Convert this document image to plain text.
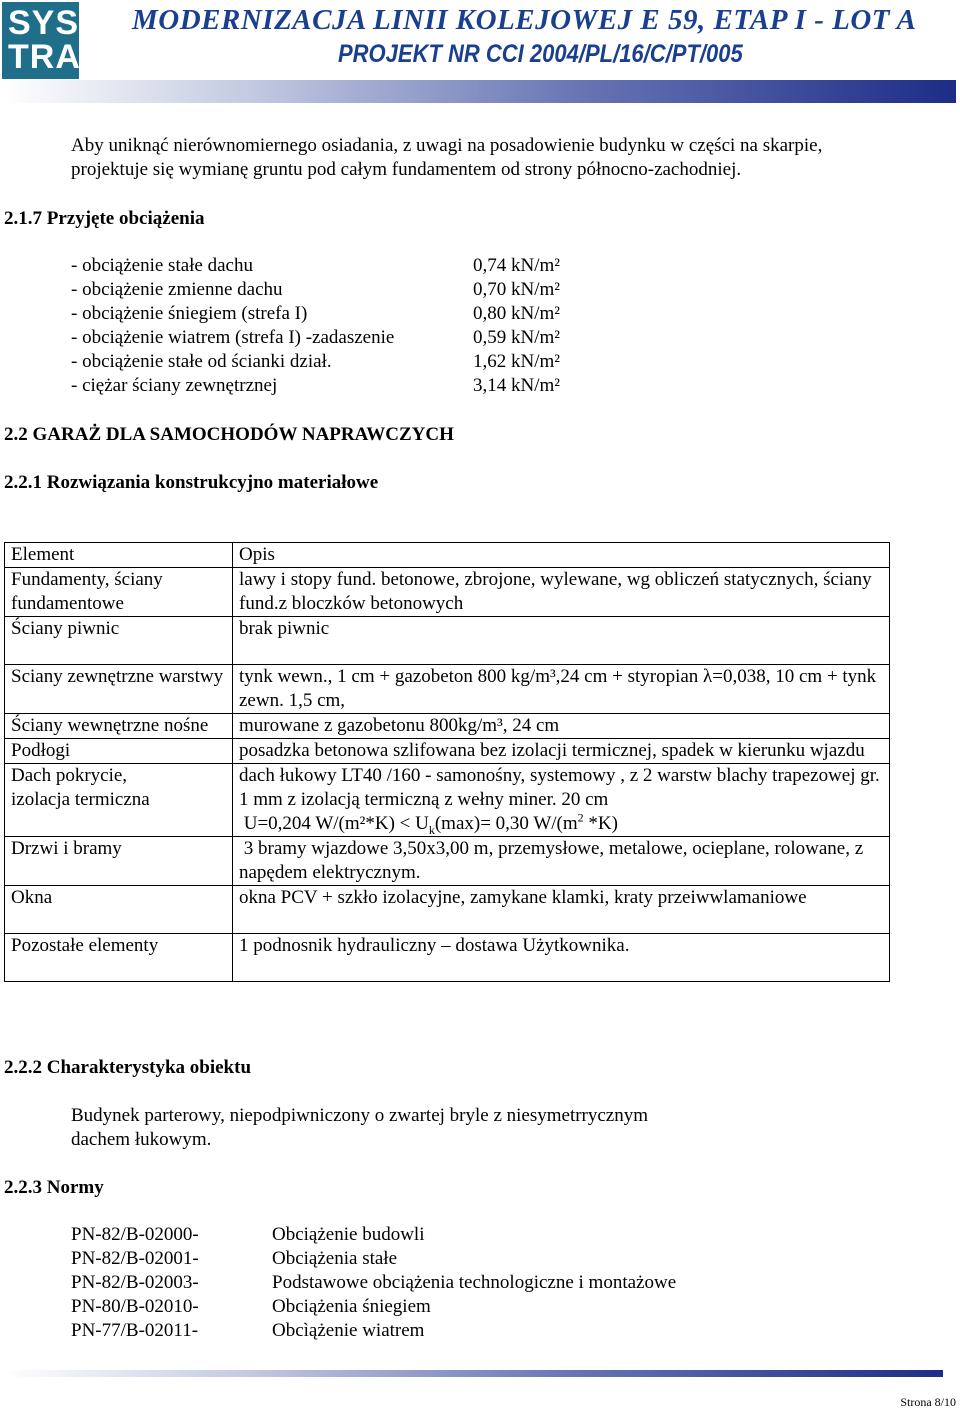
SYS
TRA
MODERNIZACJA LINII KOLEJOWEJ E 59, ETAP I - LOT A
PROJEKT NR CCI 2004/PL/16/C/PT/005
Aby uniknąć nierównomiernego osiadania, z uwagi na posadowienie budynku w części na skarpie,
projektuje się wymianę gruntu pod całym fundamentem od strony północno-zachodniej.
2.1.7 Przyjęte obciążenia
- obciążenie stałe dachu	0,74 kN/m²
- obciążenie zmienne dachu	0,70 kN/m²
- obciążenie śniegiem (strefa I)	0,80 kN/m²
- obciążenie wiatrem (strefa I) -zadaszenie	0,59 kN/m²
- obciążenie stałe od ścianki dział.	1,62 kN/m²
- ciężar ściany zewnętrznej	3,14 kN/m²
2.2 GARAŻ DLA SAMOCHODÓW NAPRAWCZYCH
2.2.1 Rozwiązania konstrukcyjno materiałowe
Element	Opis
Fundamenty, ściany fundamentowe	lawy i stopy fund. betonowe, zbrojone, wylewane, wg obliczeń statycznych, ściany fund.z bloczków betonowych
Ściany piwnic	brak piwnic
Sciany zewnętrzne warstwy	tynk wewn., 1 cm + gazobeton 800 kg/m³,24 cm + styropian λ=0,038, 10 cm + tynk zewn. 1,5 cm,
Ściany wewnętrzne nośne	murowane z gazobetonu 800kg/m³, 24 cm
Podłogi	posadzka betonowa szlifowana bez izolacji termicznej, spadek w kierunku wjazdu

Dach pokrycie, izolacja termiczna	dach łukowy LT40 /160 - samonośny, systemowy , z 2 warstw blachy trapezowej gr. 1 mm z izolacją termiczną z wełny miner. 20 cm
U=0,204 $W/(m^2*K) < U_k(\max)= 0,30$ $W/(m^2$ *K)
Drzwi i bramy	3 bramy wjazdowe 3,50x3,00 m, przemysłowe, metalowe, ocieplane, rolowane, z napędem elektrycznym.
Okna	okna PCV + szkło izolacyjne, zamykane klamki, kraty przeiwwlamaniowe
Pozostałe elementy	1 podnosnik hydrauliczny – dostawa Użytkownika.
2.2.2 Charakterystyka obiektu
Budynek parterowy, niepodpiwniczony o zwartej bryle z niesymetrrycznym
dachem łukowym.
2.2.3 Normy
PN-82/B-02000-	Obciążenie budowli
PN-82/B-02001-	Obciążenia stałe
PN-82/B-02003-	Podstawowe obciążenia technologiczne i montażowe
PN-80/B-02010-	Obciążenia śniegiem
PN-77/B-02011-	Obcìążenie wiatrem
Strona 8/10
